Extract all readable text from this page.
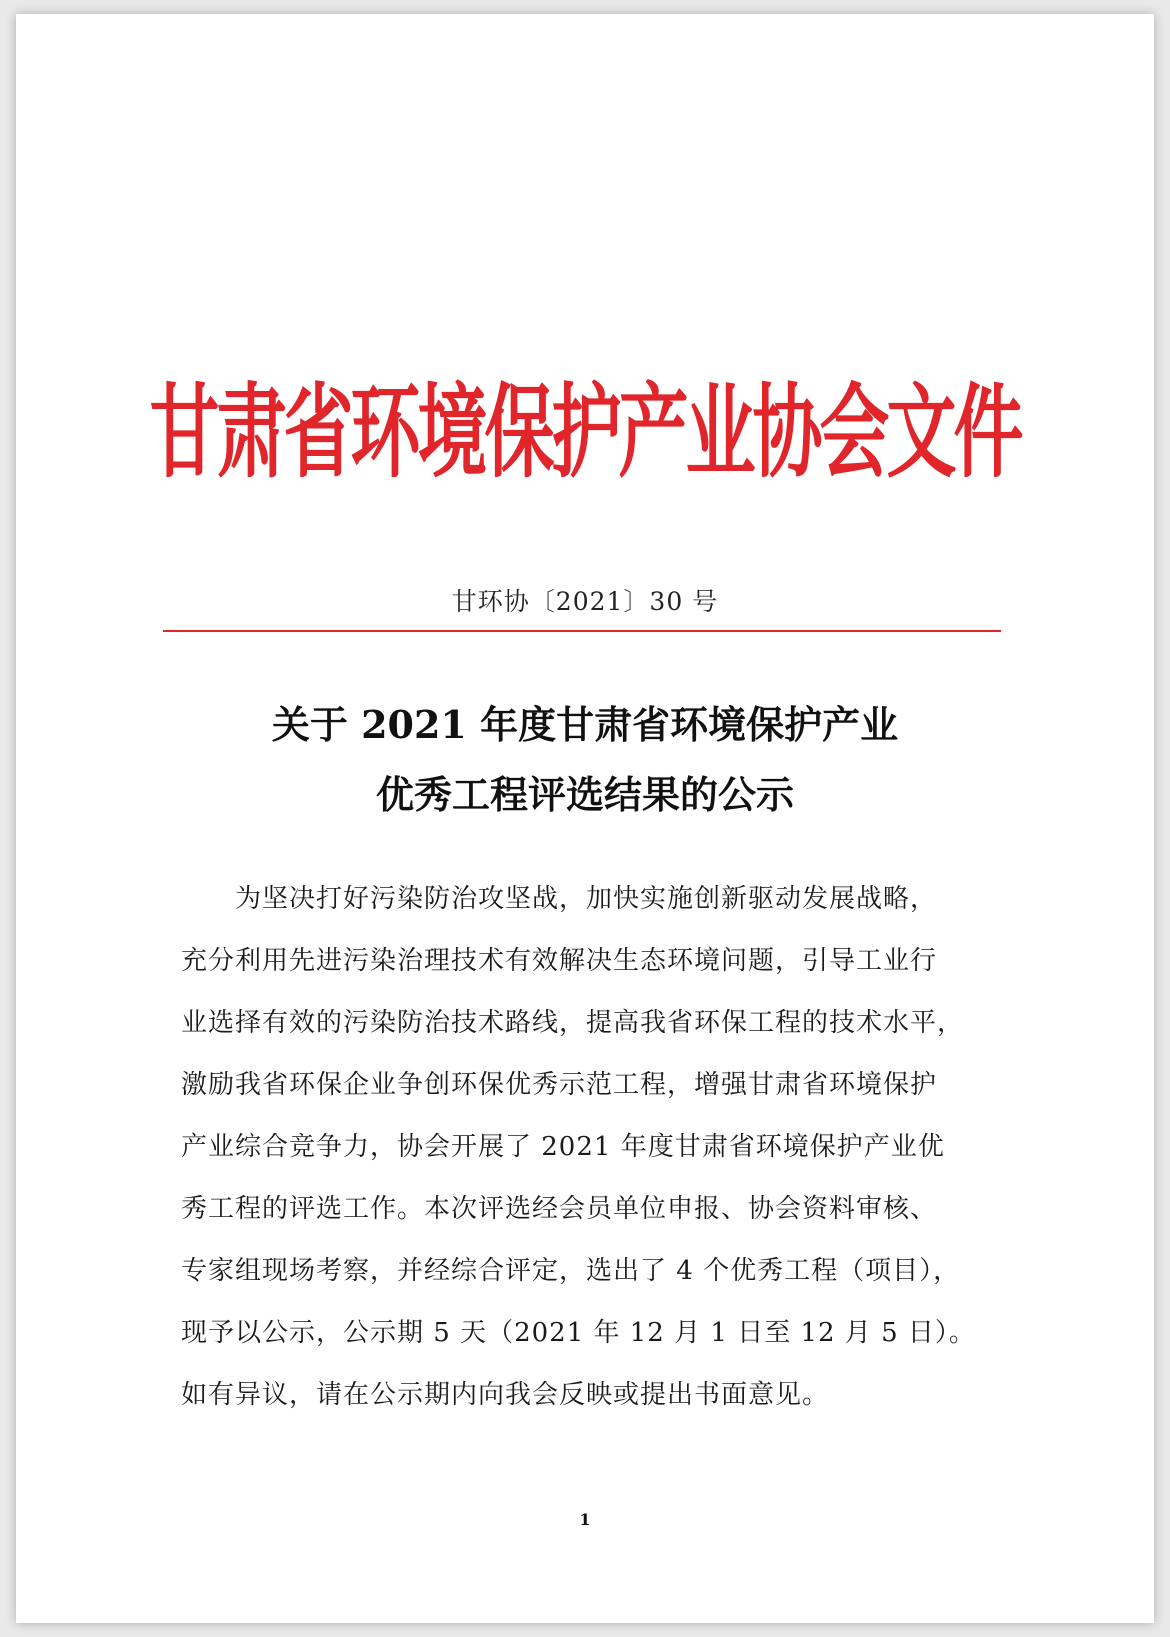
甘肃省环境保护产业协会文件
甘环协〔2021〕30 号
关于 2021 年度甘肃省环境保护产业
优秀工程评选结果的公示
为坚决打好污染防治攻坚战，加快实施创新驱动发展战略，
充分利用先进污染治理技术有效解决生态环境问题，引导工业行
业选择有效的污染防治技术路线，提高我省环保工程的技术水平，
激励我省环保企业争创环保优秀示范工程，增强甘肃省环境保护
产业综合竞争力，协会开展了 2021 年度甘肃省环境保护产业优
秀工程的评选工作。本次评选经会员单位申报、协会资料审核、
专家组现场考察，并经综合评定，选出了 4 个优秀工程（项目），
现予以公示，公示期 5 天（2021 年 12 月 1 日至 12 月 5 日）。
如有异议，请在公示期内向我会反映或提出书面意见。
1
